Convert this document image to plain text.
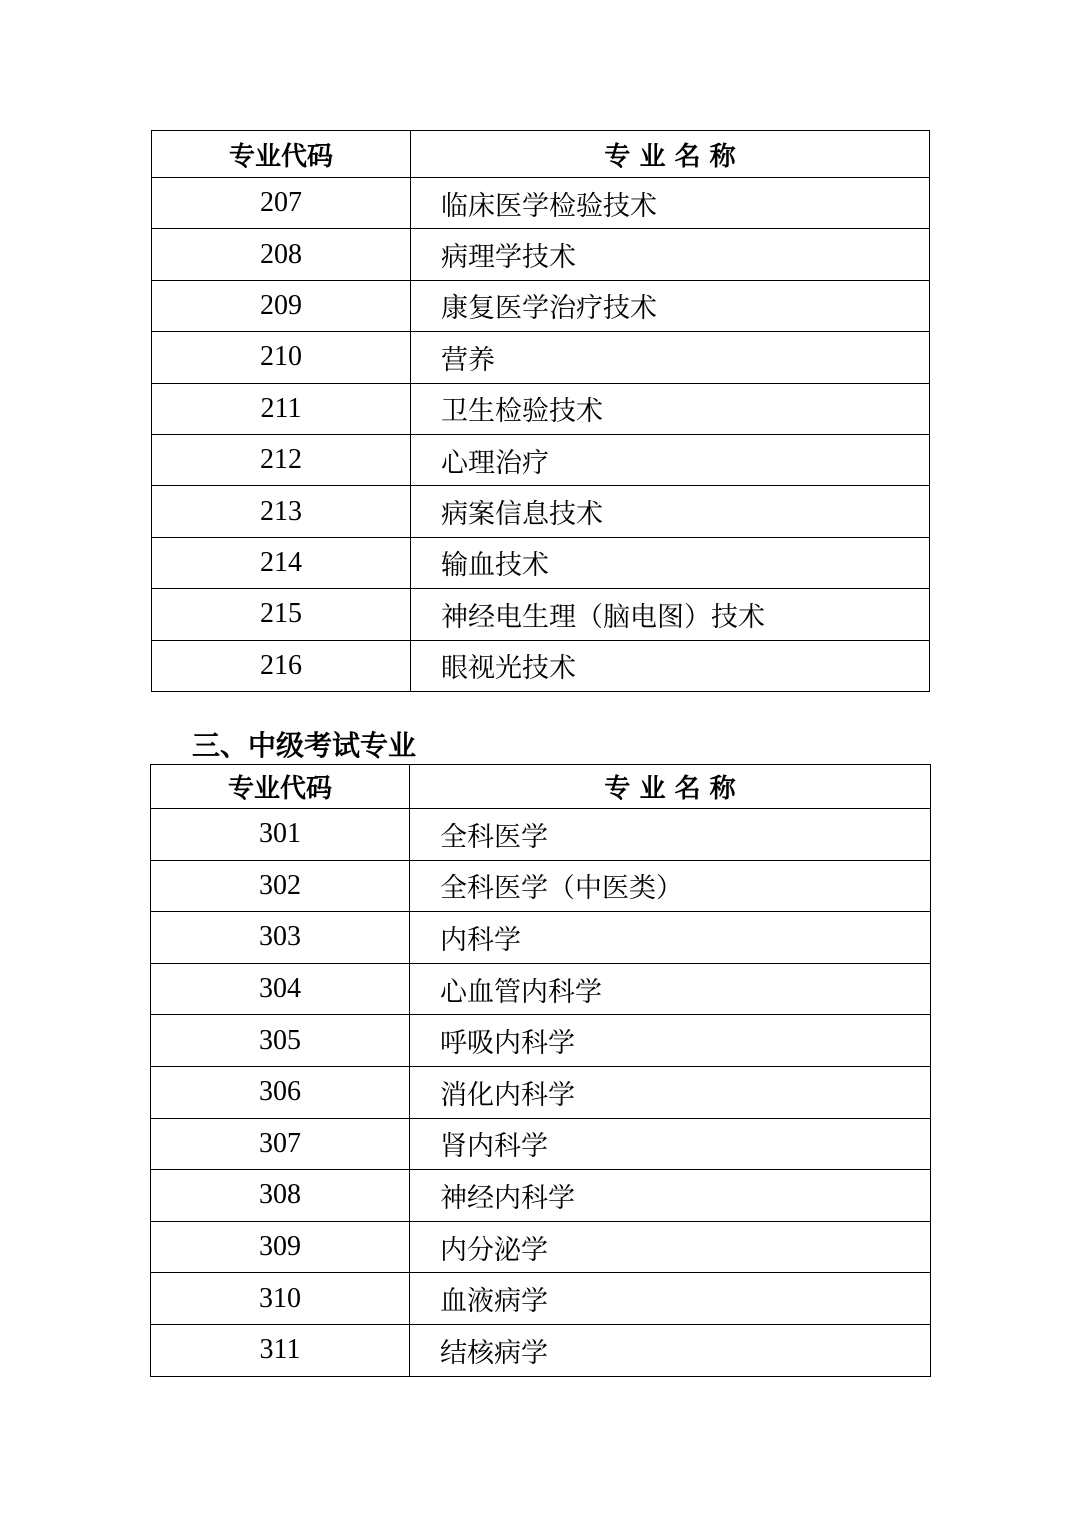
专业代码	专 业 名 称
207	临床医学检验技术
208	病理学技术
209	康复医学治疗技术
210	营养
211	卫生检验技术
212	心理治疗
213	病案信息技术
214	输血技术
215	神经电生理（脑电图）技术
216	眼视光技术
三、中级考试专业
专业代码	专 业 名 称
301	全科医学
302	全科医学（中医类）
303	内科学
304	心血管内科学
305	呼吸内科学
306	消化内科学
307	肾内科学
308	神经内科学
309	内分泌学
310	血液病学
311	结核病学
